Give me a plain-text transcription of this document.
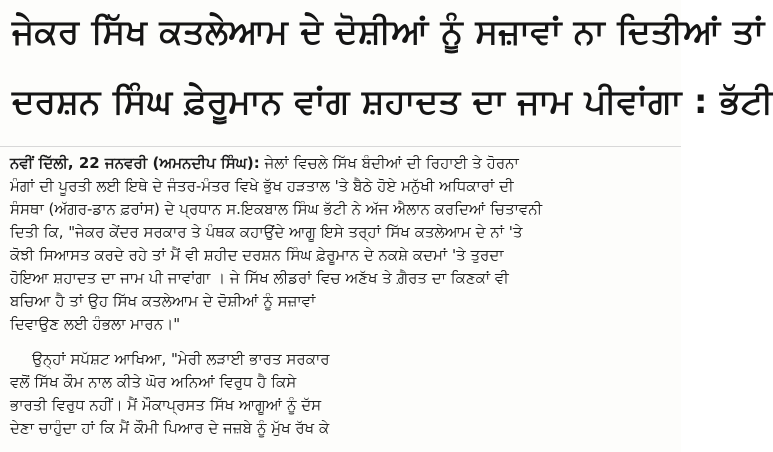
ਜੇਕਰ ਸਿੱਖ ਕਤਲੇਆਮ ਦੇ ਦੋਸ਼ੀਆਂ ਨੂੰ ਸਜ਼ਾਵਾਂ ਨਾ ਦਿਤੀਆਂ ਤਾਂ
ਦਰਸ਼ਨ ਸਿੰਘ ਫ਼ੇਰੂਮਾਨ ਵਾਂਗ ਸ਼ਹਾਦਤ ਦਾ ਜਾਮ ਪੀਵਾਂਗਾ : ਭੱਟੀ
ਨਵੀਂ ਦਿੱਲੀ, 22 ਜਨਵਰੀ (ਅਮਨਦੀਪ ਸਿੰਘ): ਜੇਲਾਂ ਵਿਚਲੇ ਸਿੱਖ ਬੰਦੀਆਂ ਦੀ ਰਿਹਾਈ ਤੇ ਹੋਰਨਾ
ਮੰਗਾਂ ਦੀ ਪੂਰਤੀ ਲਈ ਇਥੇ ਦੇ ਜੰਤਰ-ਮੰਤਰ ਵਿਖੇ ਭੁੱਖ ਹੜਤਾਲ 'ਤੇ ਬੈਠੇ ਹੋਏ ਮਨੁੱਖੀ ਅਧਿਕਾਰਾਂ ਦੀ
ਸੰਸਥਾ (ਅੱਗਰ-ਡਾਨ ਫ਼ਰਾਂਸ) ਦੇ ਪ੍ਰਧਾਨ ਸ.ਇਕਬਾਲ ਸਿੰਘ ਭੱਟੀ ਨੇ ਅੱਜ ਐਲਾਨ ਕਰਦਿਆਂ ਚਿਤਾਵਨੀ
ਦਿਤੀ ਕਿ, "ਜੇਕਰ ਕੇਂਦਰ ਸਰਕਾਰ ਤੇ ਪੰਥਕ ਕਹਾਉਂਦੇ ਆਗੂ ਇਸੇ ਤਰ੍ਹਾਂ ਸਿੱਖ ਕਤਲੇਆਮ ਦੇ ਨਾਂ 'ਤੇ
ਕੋਝੀ ਸਿਆਸਤ ਕਰਦੇ ਰਹੇ ਤਾਂ ਮੈਂ ਵੀ ਸ਼ਹੀਦ ਦਰਸ਼ਨ ਸਿੰਘ ਫ਼ੇਰੂਮਾਨ ਦੇ ਨਕਸ਼ੇ ਕਦਮਾਂ 'ਤੇ ਤੁਰਦਾ
ਹੋਇਆ ਸ਼ਹਾਦਤ ਦਾ ਜਾਮ ਪੀ ਜਾਵਾਂਗਾ । ਜੇ ਸਿੱਖ ਲੀਡਰਾਂ ਵਿਚ ਅਣੱਖ ਤੇ ਗ਼ੈਰਤ ਦਾ ਕਿਣਕਾਂ ਵੀ
ਬਚਿਆ ਹੈ ਤਾਂ ਉਹ ਸਿੱਖ ਕਤਲੇਆਮ ਦੇ ਦੋਸ਼ੀਆਂ ਨੂੰ ਸਜ਼ਾਵਾਂ
ਦਿਵਾਉਣ ਲਈ ਹੰਭਲਾ ਮਾਰਨ।"
ਉਨ੍ਹਾਂ ਸਪੱਸ਼ਟ ਆਖਿਆ, "ਮੇਰੀ ਲੜਾਈ ਭਾਰਤ ਸਰਕਾਰ
ਵਲੋਂ ਸਿੱਖ ਕੌਮ ਨਾਲ ਕੀਤੇ ਘੋਰ ਅਨਿਆਂ ਵਿਰੁਧ ਹੈ ਕਿਸੇ
ਭਾਰਤੀ ਵਿਰੁਧ ਨਹੀਂ। ਮੈਂ ਮੌਕਾਪ੍ਰਸਤ ਸਿੱਖ ਆਗੂਆਂ ਨੂੰ ਦੱਸ
ਦੇਣਾ ਚਾਹੁੰਦਾ ਹਾਂ ਕਿ ਮੈਂ ਕੌਮੀ ਪਿਆਰ ਦੇ ਜਜ਼ਬੇ ਨੂੰ ਮੁੱਖ ਰੱਖ ਕੇ
